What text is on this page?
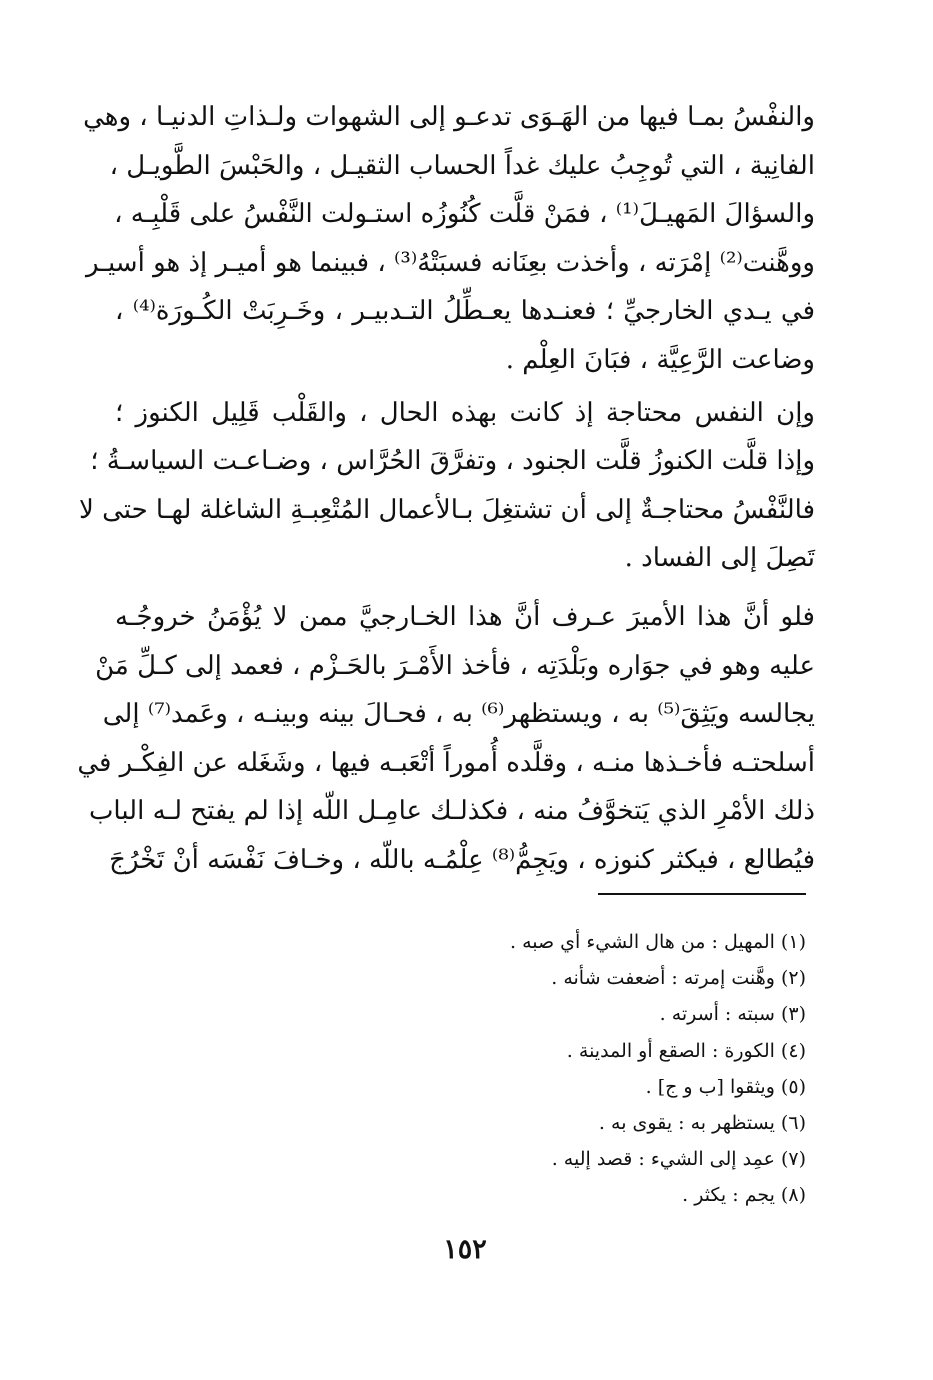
والنفْسُ بمـا فيها من الهَـوَى تدعـو إلى الشهوات ولـذاتِ الدنيـا ، وهي
الفانِية ، التي تُوجِبُ عليك غداً الحساب الثقيـل ، والحَبْسَ الطَّويـل ،
والسؤالَ المَهيـلَ⁽¹⁾ ، فمَنْ قلَّت كُنُوزُه استـولت النَّفْسُ على قَلْبِـه ،
ووهَّنت⁽²⁾ إمْرَته ، وأخذت بعِنَانه فسبَتْهُ⁽³⁾ ، فبينما هو أميـر إذ هو أسيـر
في يـدي الخارجيِّ ؛ فعنـدها يعـطِّلُ التـدبيـر ، وخَـرِبَتْ الكُـورَة⁽⁴⁾ ،
وضاعت الرَّعِيَّة ، فبَانَ العِلْم .
وإن النفس محتاجة إذ كانت بهذه الحال ، والقَلْب قَلِيل الكنوز ؛
وإذا قلَّت الكنوزُ قلَّت الجنود ، وتفرَّقَ الحُرَّاس ، وضـاعـت السياسـةُ ؛
فالنَّفْسُ محتاجـةٌ إلى أن تشتغِلَ بـالأعمال المُتْعِبـةِ الشاغلة لهـا حتى لا
تَصِلَ إلى الفساد .
فلو أنَّ هذا الأميرَ عـرف أنَّ هذا الخـارجيَّ ممن لا يُؤْمَنُ خروجُـه
عليه وهو في جوَاره وبَلْدَتِه ، فأخذ الأَمْـرَ بالحَـزْم ، فعمد إلى كـلِّ مَنْ
يجالسه ويَثِقَ⁽⁵⁾ به ، ويستظهر⁽⁶⁾ به ، فحـالَ بينه وبينـه ، وعَمد⁽⁷⁾ إلى
أسلحتـه فأخـذها منـه ، وقلَّده أُموراً أتْعَبـه فيها ، وشَغَله عن الفِكْـر في
ذلك الأمْرِ الذي يَتخوَّفُ منه ، فكذلـك عامِـل اللّه إذا لم يفتح لـه الباب
فيُطالع ، فيكثر كنوزه ، ويَجِمُّ⁽⁸⁾ عِلْمُـه باللّه ، وخـافَ نَفْسَه أنْ تَخْرُجَ
(١) المهيل : من هال الشيء أي صبه .
(٢) وهَّنت إمرته : أضعفت شأنه .
(٣) سبته : أسرته .
(٤) الكورة : الصقع أو المدينة .
(٥) ويثقوا [ب و ج] .
(٦) يستظهر به : يقوى به .
(٧) عمِد إلى الشيء : قصد إليه .
(٨) يجم : يكثر .
١٥٢
